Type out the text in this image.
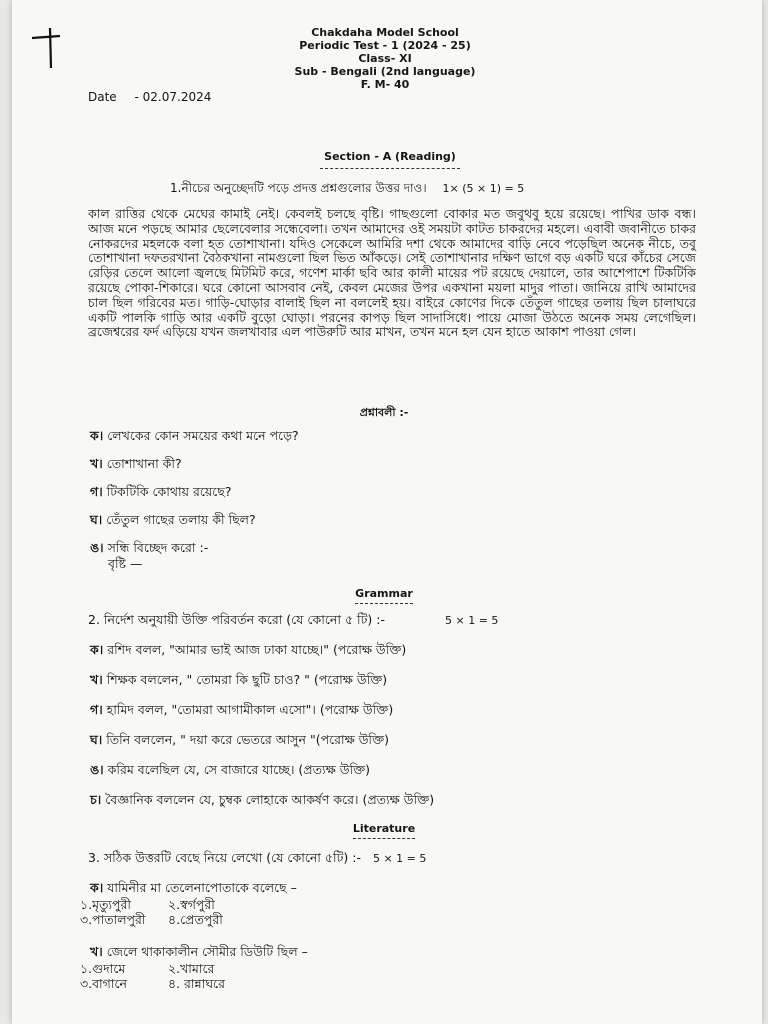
Chakdaha Model School
Periodic Test - 1 (2024 - 25)
Class- XI
Sub - Bengali (2nd language)
F. M- 40
Date - 02.07.2024
Section - A (Reading)
1.নীচের অনুচ্ছেদটি পড়ে প্রদত্ত প্রশ্নগুলোর উত্তর দাও। 1× (5 × 1) = 5
কাল রাত্তির থেকে মেঘের কামাই নেই। কেবলই চলছে বৃষ্টি। গাছগুলো বোকার মত জবুথবু হয়ে রয়েছে। পাখির ডাক বন্ধ। আজ মনে পড়ছে আমার ছেলেবেলার সন্ধেবেলা। তখন আমাদের ওই সময়টা কাটত চাকরদের মহলে। এবাবী জবানীতে চাকর নোকরদের মহলকে বলা হত তোশাখানা। যদিও সেকেলে আমিরি দশা থেকে আমাদের বাড়ি নেবে পড়েছিল অনেক নীচে, তবু তোশাখানা দফতরখানা বৈঠকখানা নামগুলো ছিল ভিত আঁকড়ে। সেই তোশাখানার দক্ষিণ ভাগে বড় একটি ঘরে কাঁচের সেজে রেড়ির তেলে আলো জ্বলছে মিটমিট করে, গণেশ মার্কা ছবি আর কালী মায়ের পট রয়েছে দেয়ালে, তার আশেপাশে টিকটিকি রয়েছে পোকা-শিকারে। ঘরে কোনো আসবাব নেই, কেবল মেজের উপর একখানা ময়লা মাদুর পাতা। জানিয়ে রাখি আমাদের চাল ছিল গরিবের মত। গাড়ি-ঘোড়ার বালাই ছিল না বললেই হয়। বাইরে কোণের দিকে তেঁতুল গাছের তলায় ছিল চালাঘরে একটি পালকি গাড়ি আর একটি বুড়ো ঘোড়া। পরনের কাপড় ছিল সাদাসিধে। পায়ে মোজা উঠতে অনেক সময় লেগেছিল। ব্রজেশ্বরের ফর্দ এড়িয়ে যখন জলখাবার এল পাউরুটি আর মাখন, তখন মনে হল যেন হাতে আকাশ পাওয়া গেল।
প্রশ্নাবলী :-
ক। লেখকের কোন সময়ের কথা মনে পড়ে?
খ। তোশাখানা কী?
গ। টিকটিকি কোথায় রয়েছে?
ঘ। তেঁতুল গাছের তলায় কী ছিল?
ঙ। সন্ধি বিচ্ছেদ করো :-
বৃষ্টি —
Grammar
2. নির্দেশ অনুযায়ী উক্তি পরিবর্তন করো (যে কোনো ৫ টি) :-	5 × 1 = 5
ক। রশিদ বলল, "আমার ভাই আজ ঢাকা যাচ্ছে।" (পরোক্ষ উক্তি)
খ। শিক্ষক বললেন, " তোমরা কি ছুটি চাও? " (পরোক্ষ উক্তি)
গ। হামিদ বলল, "তোমরা আগামীকাল এসো"। (পরোক্ষ উক্তি)
ঘ। তিনি বললেন, " দয়া করে ভেতরে আসুন "(পরোক্ষ উক্তি)
ঙ। করিম বলেছিল যে, সে বাজারে যাচ্ছে। (প্রত্যক্ষ উক্তি)
চ। বৈজ্ঞানিক বললেন যে, চুম্বক লোহাকে আকর্ষণ করে। (প্রত্যক্ষ উক্তি)
Literature
3. সঠিক উত্তরটি বেছে নিয়ে লেখো (যে কোনো ৫টি) :- 5 × 1 = 5
ক। যামিনীর মা তেলেনাপোতাকে বলেছে –
১.মৃত্যুপুরী	২.স্বর্গপুরী
৩.পাতালপুরী ৪.প্রেতপুরী
খ। জেলে থাকাকালীন সৌমীর ডিউটি ছিল –
১.গুদামে	২.খামারে
৩.বাগানে	৪. রান্নাঘরে
